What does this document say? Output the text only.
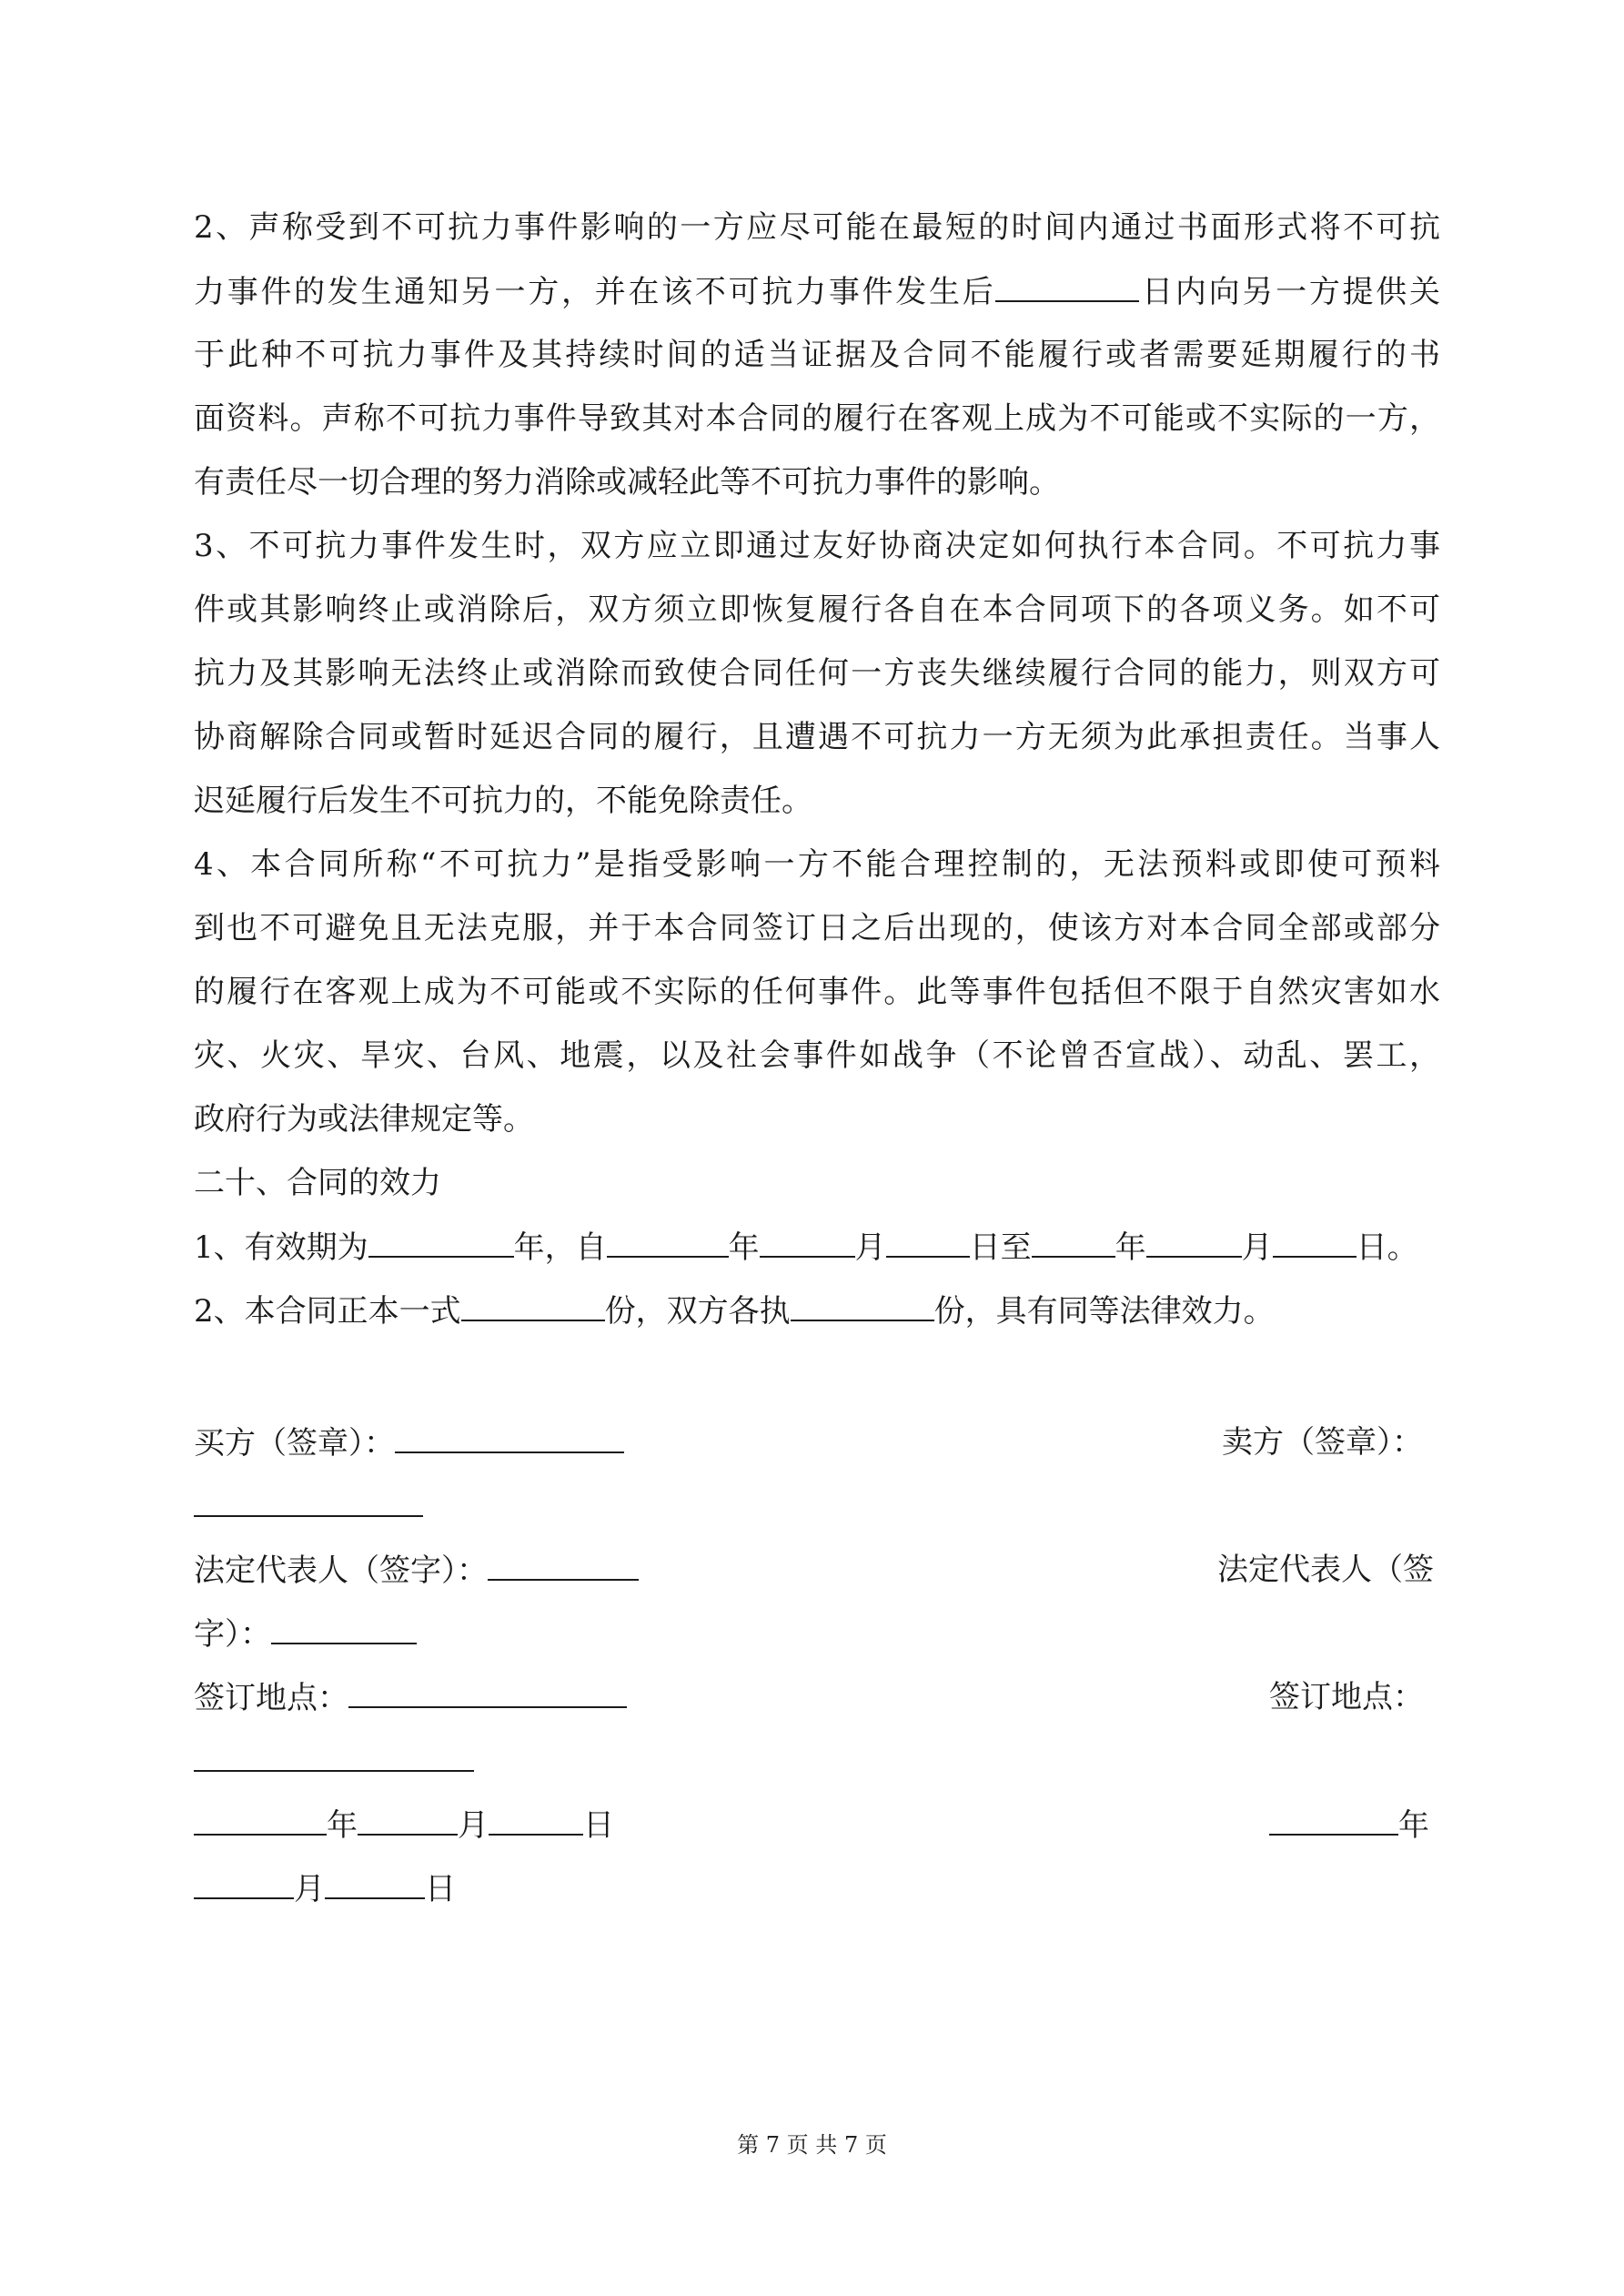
2、声称受到不可抗力事件影响的一方应尽可能在最短的时间内通过书面形式将不可抗
力事件的发生通知另一方，并在该不可抗力事件发生后	日内向另一方提供关
于此种不可抗力事件及其持续时间的适当证据及合同不能履行或者需要延期履行的书
面资料。声称不可抗力事件导致其对本合同的履行在客观上成为不可能或不实际的一方，
有责任尽一切合理的努力消除或减轻此等不可抗力事件的影响。
3、不可抗力事件发生时，双方应立即通过友好协商决定如何执行本合同。不可抗力事
件或其影响终止或消除后，双方须立即恢复履行各自在本合同项下的各项义务。如不可
抗力及其影响无法终止或消除而致使合同任何一方丧失继续履行合同的能力，则双方可
协商解除合同或暂时延迟合同的履行，且遭遇不可抗力一方无须为此承担责任。当事人
迟延履行后发生不可抗力的，不能免除责任。
4、本合同所称“不可抗力”是指受影响一方不能合理控制的，无法预料或即使可预料
到也不可避免且无法克服，并于本合同签订日之后出现的，使该方对本合同全部或部分
的履行在客观上成为不可能或不实际的任何事件。此等事件包括但不限于自然灾害如水
灾、火灾、旱灾、台风、地震，以及社会事件如战争（不论曾否宣战）、动乱、罢工，
政府行为或法律规定等。
二十、合同的效力
1、有效期为	年，自	年	月	日至	年	月	日。
2、本合同正本一式	份，双方各执	份，具有同等法律效力。
买方（签章）：	卖方（签章）：
法定代表人（签字）：	法定代表人（签
字）：
签订地点：	签订地点：
年	月	日	年
月	日
第 7 页 共 7 页
